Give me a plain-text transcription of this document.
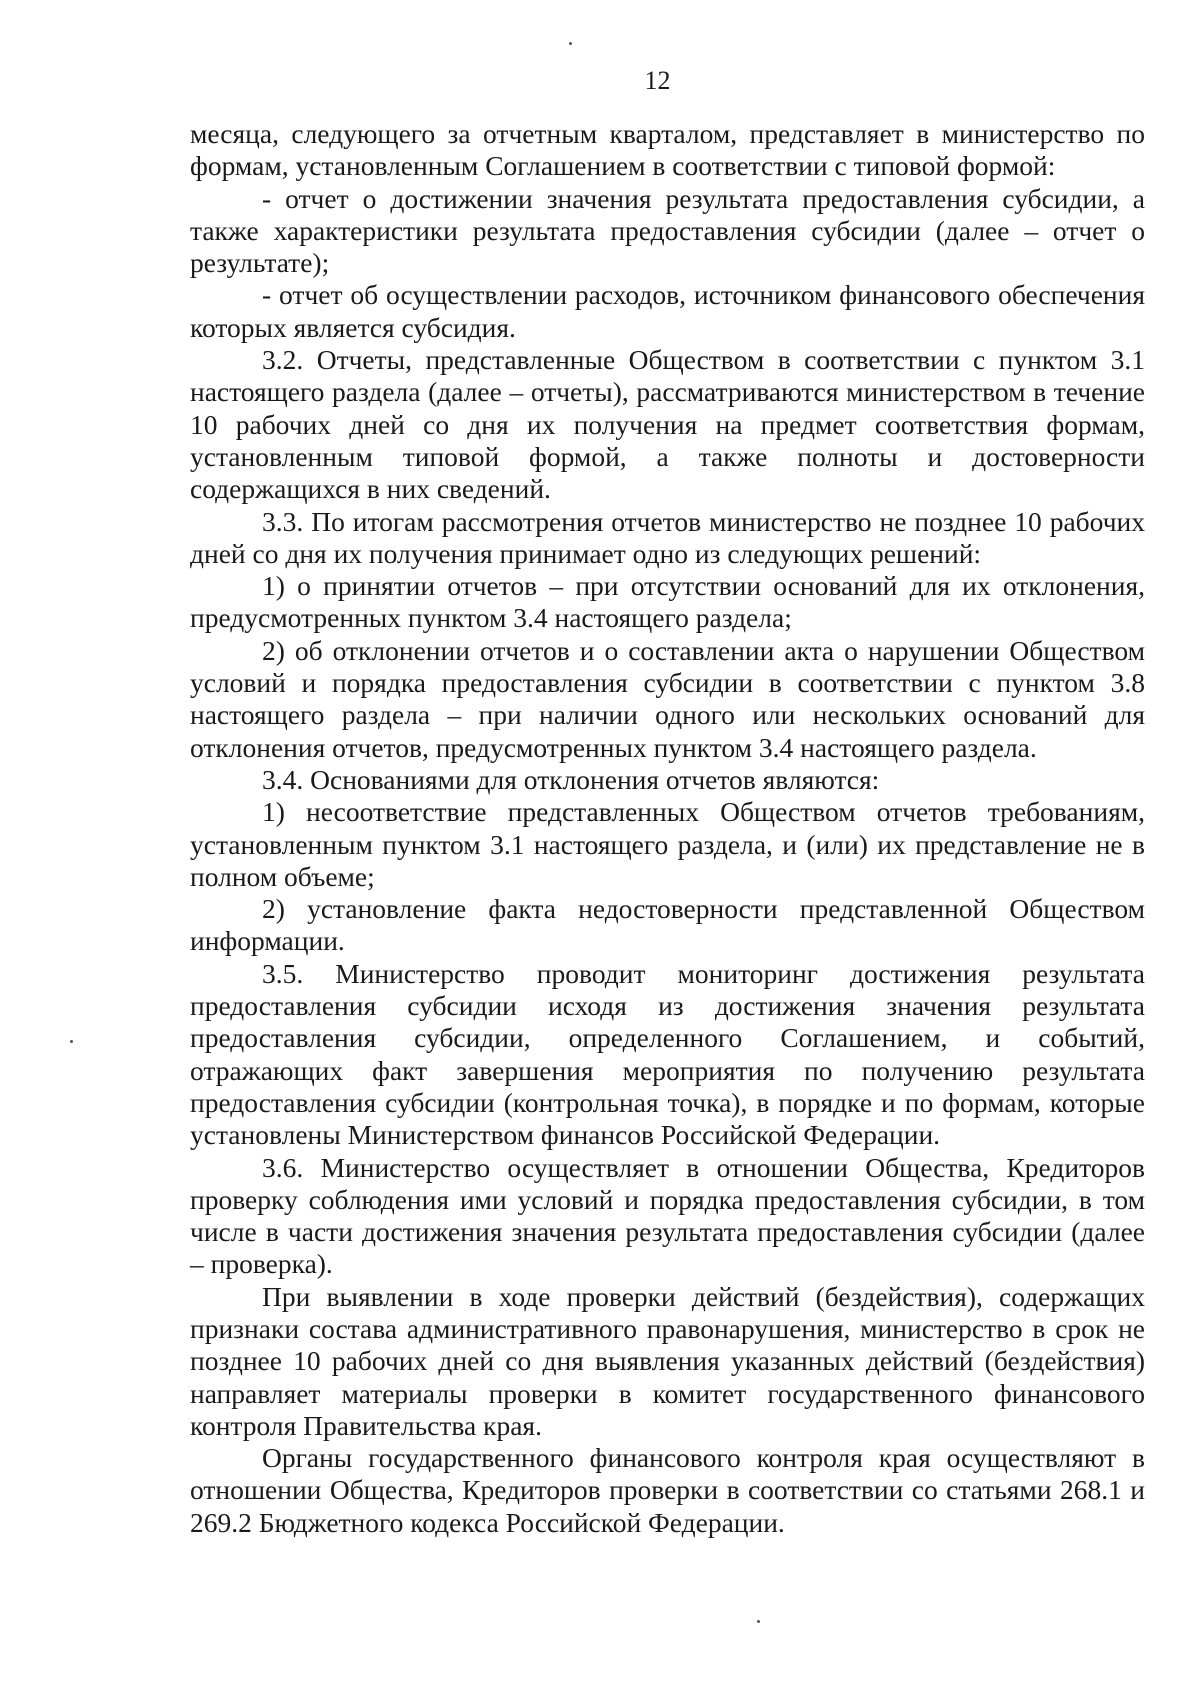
12

месяца, следующего за отчетным кварталом, представляет в министерство по формам, установленным Соглашением в соответствии с типовой формой:

- отчет о достижении значения результата предоставления субсидии, а также характеристики результата предоставления субсидии (далее – отчет о результате);

- отчет об осуществлении расходов, источником финансового обеспечения которых является субсидия.

3.2. Отчеты, представленные Обществом в соответствии с пунктом 3.1 настоящего раздела (далее – отчеты), рассматриваются министерством в течение 10 рабочих дней со дня их получения на предмет соответствия формам, установленным типовой формой, а также полноты и достоверности содержащихся в них сведений.

3.3. По итогам рассмотрения отчетов министерство не позднее 10 рабочих дней со дня их получения принимает одно из следующих решений:

1) о принятии отчетов – при отсутствии оснований для их отклонения, предусмотренных пунктом 3.4 настоящего раздела;

2) об отклонении отчетов и о составлении акта о нарушении Обществом условий и порядка предоставления субсидии в соответствии с пунктом 3.8 настоящего раздела – при наличии одного или нескольких оснований для отклонения отчетов, предусмотренных пунктом 3.4 настоящего раздела.

3.4. Основаниями для отклонения отчетов являются:

1) несоответствие представленных Обществом отчетов требованиям, установленным пунктом 3.1 настоящего раздела, и (или) их представление не в полном объеме;

2) установление факта недостоверности представленной Обществом информации.

3.5. Министерство проводит мониторинг достижения результата предоставления субсидии исходя из достижения значения результата предоставления субсидии, определенного Соглашением, и событий, отражающих факт завершения мероприятия по получению результата предоставления субсидии (контрольная точка), в порядке и по формам, которые установлены Министерством финансов Российской Федерации.

3.6. Министерство осуществляет в отношении Общества, Кредиторов проверку соблюдения ими условий и порядка предоставления субсидии, в том числе в части достижения значения результата предоставления субсидии (далее – проверка).

При выявлении в ходе проверки действий (бездействия), содержащих признаки состава административного правонарушения, министерство в срок не позднее 10 рабочих дней со дня выявления указанных действий (бездействия) направляет материалы проверки в комитет государственного финансового контроля Правительства края.

Органы государственного финансового контроля края осуществляют в отношении Общества, Кредиторов проверки в соответствии со статьями 268.1 и 269.2 Бюджетного кодекса Российской Федерации.
